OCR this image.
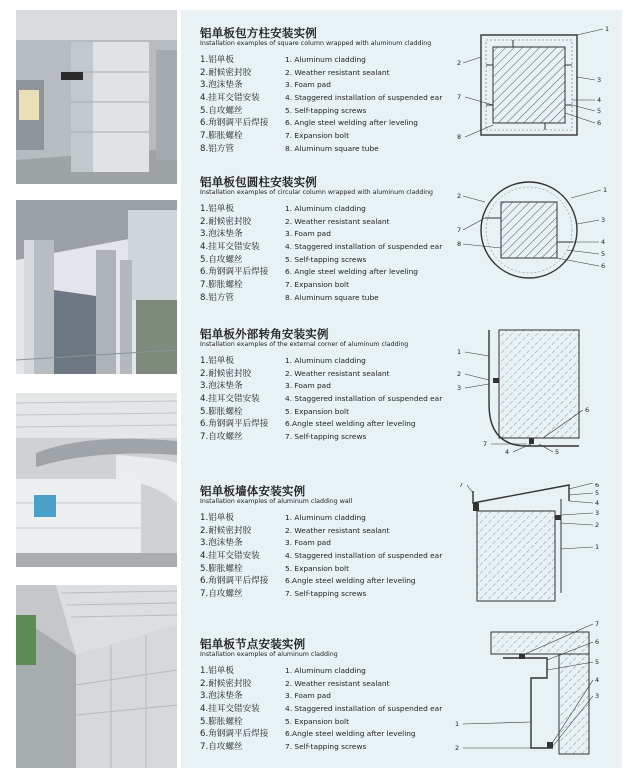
铝单板包方柱安装实例
Installation examples of square column wrapped with aluminum cladding
1.铝单板
2.耐候密封胶
3.泡沫垫条
4.挂耳交错安装
5.自攻螺丝
6.角钢调平后焊接
7.膨胀螺栓
8.铝方管
1. Aluminum cladding
2. Weather resistant sealant
3. Foam pad
4. Staggered installation of suspended ear
5. Self-tapping screws
6. Angle steel welding after leveling
7. Expansion bolt
8. Aluminum square tube
1
2
3
4
5
6
7
8
铝单板包圆柱安装实例
Installation examples of circular column wrapped with aluminum cladding
1.铝单板
2.耐候密封胶
3.泡沫垫条
4.挂耳交错安装
5.自攻螺丝
6.角钢调平后焊接
7.膨胀螺栓
8.铝方管
1. Aluminum cladding
2. Weather resistant sealant
3. Foam pad
4. Staggered installation of suspended ear
5. Self-tapping screws
6. Angle steel welding after leveling
7. Expansion bolt
8. Aluminum square tube
1
2
3
4
5
6
7
8
铝单板外部转角安装实例
Installation examples of the external corner of aluminum cladding
1.铝单板
2.耐候密封胶
3.泡沫垫条
4.挂耳交错安装
5.膨胀螺栓
6.角钢调平后焊接
7.自攻螺丝
1. Aluminum cladding
2. Weather resistant sealant
3. Foam pad
4. Staggered installation of suspended ear
5. Expansion bolt
6.Angle steel welding after leveling
7. Self-tapping screws
1
2
3
4	5
6
7
铝单板墙体安装实例
Installation examples of aluminum cladding wall
1.铝单板
2.耐候密封胶
3.泡沫垫条
4.挂耳交错安装
5.膨胀螺栓
6.角钢调平后焊接
7.自攻螺丝
1. Aluminum cladding
2. Weather resistant sealant
3. Foam pad
4. Staggered installation of suspended ear
5. Expansion bolt
6.Angle steel welding after leveling
7. Self-tapping screws
7	6
5
4
3
2
1
铝单板节点安装实例
Installation examples of aluminum cladding
1.铝单板
2.耐候密封胶
3.泡沫垫条
4.挂耳交错安装
5.膨胀螺栓
6.角钢调平后焊接
7.自攻螺丝
1. Aluminum cladding
2. Weather resistant sealant
3. Foam pad
4. Staggered installation of suspended ear
5. Expansion bolt
6.Angle steel welding after leveling
7. Self-tapping screws
7
6
5
4
3
1
2
